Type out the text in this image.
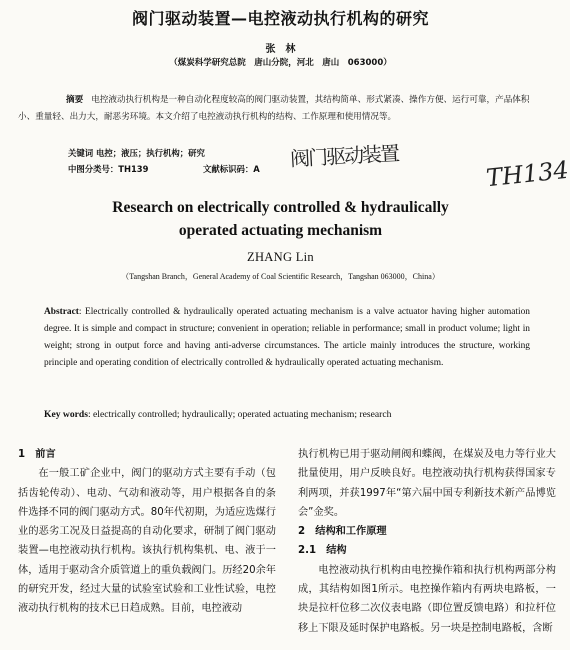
阀门驱动装置—电控液动执行机构的研究
张　林
（煤炭科学研究总院　唐山分院，河北　唐山　063000）
摘要 电控液动执行机构是一种自动化程度较高的阀门驱动装置，其结构简单、形式紧凑、操作方便、运行可靠，产品体积小、重量轻、出力大，耐恶劣环境。本文介绍了电控液动执行机构的结构、工作原理和使用情况等。
关键词 电控；液压；执行机构；研究
中图分类号：TH139	文献标识码：A 阀门驱动装置	TH134
Research on electrically controlled & hydraulically
operated actuating mechanism
ZHANG Lin
（Tangshan Branch，General Academy of Coal Scientific Research，Tangshan 063000，China）
Abstract: Electrically controlled & hydraulically operated actuating mechanism is a valve actuator having higher automation degree. It is simple and compact in structure; convenient in operation; reliable in performance; small in product volume; light in weight; strong in output force and having anti-adverse circumstances. The article mainly introduces the structure, working principle and operating condition of electrically controlled & hydraulically operated actuating mechanism.
Key words: electrically controlled; hydraulically; operated actuating mechanism; research
1　前言

在一般工矿企业中，阀门的驱动方式主要有手动（包括齿轮传动）、电动、气动和液动等，用户根据各自的条件选择不同的阀门驱动方式。80年代初期，为适应选煤行业的恶劣工况及日益提高的自动化要求，研制了阀门驱动装置—电控液动执行机构。该执行机构集机、电、液于一体，适用于驱动含介质管道上的重负载阀门。历经20余年的研究开发，经过大量的试验室试验和工业性试验，电控液动执行机构的技术已日趋成熟。目前，电控液动

执行机构已用于驱动闸阀和蝶阀，在煤炭及电力等行业大批量使用，用户反映良好。电控液动执行机构获得国家专利两项，并获1997年“第六届中国专利新技术新产品博览会”金奖。

2　结构和工作原理
2.1　结构

电控液动执行机构由电控操作箱和执行机构两部分构成，其结构如图1所示。电控操作箱内有两块电路板，一块是拉杆位移二次仪表电路（即位置反馈电路）和拉杆位移上下限及延时保护电路板。另一块是控制电路板，含断
